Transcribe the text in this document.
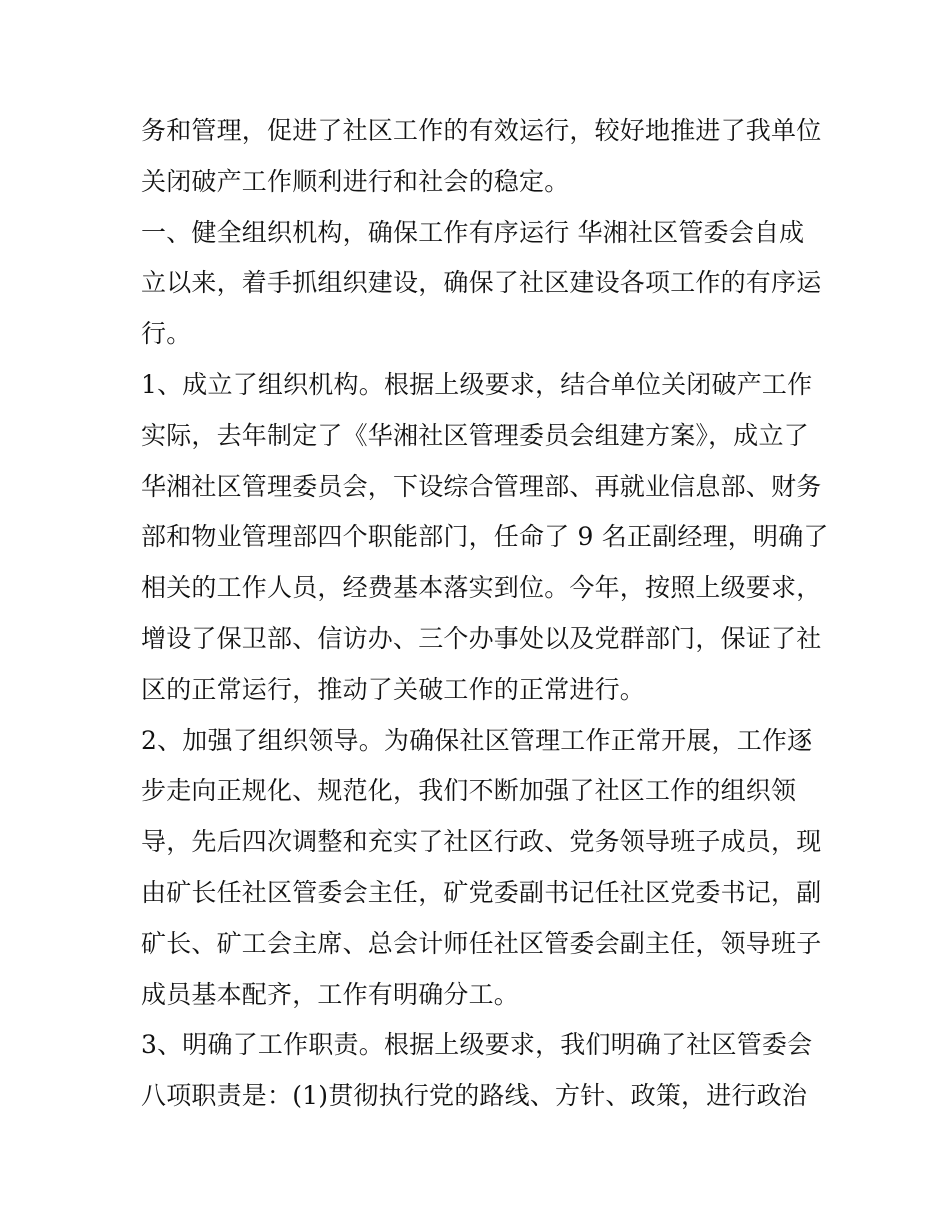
务和管理，促进了社区工作的有效运行，较好地推进了我单位
关闭破产工作顺利进行和社会的稳定。
一、健全组织机构，确保工作有序运行 华湘社区管委会自成
立以来，着手抓组织建设，确保了社区建设各项工作的有序运
行。
1、成立了组织机构。根据上级要求，结合单位关闭破产工作
实际，去年制定了《华湘社区管理委员会组建方案》，成立了
华湘社区管理委员会，下设综合管理部、再就业信息部、财务
部和物业管理部四个职能部门，任命了 9 名正副经理，明确了
相关的工作人员，经费基本落实到位。今年，按照上级要求，
增设了保卫部、信访办、三个办事处以及党群部门，保证了社
区的正常运行，推动了关破工作的正常进行。
2、加强了组织领导。为确保社区管理工作正常开展，工作逐
步走向正规化、规范化，我们不断加强了社区工作的组织领
导，先后四次调整和充实了社区行政、党务领导班子成员，现
由矿长任社区管委会主任，矿党委副书记任社区党委书记，副
矿长、矿工会主席、总会计师任社区管委会副主任，领导班子
成员基本配齐，工作有明确分工。
3、明确了工作职责。根据上级要求，我们明确了社区管委会
八项职责是：(1)贯彻执行党的路线、方针、政策，进行政治
